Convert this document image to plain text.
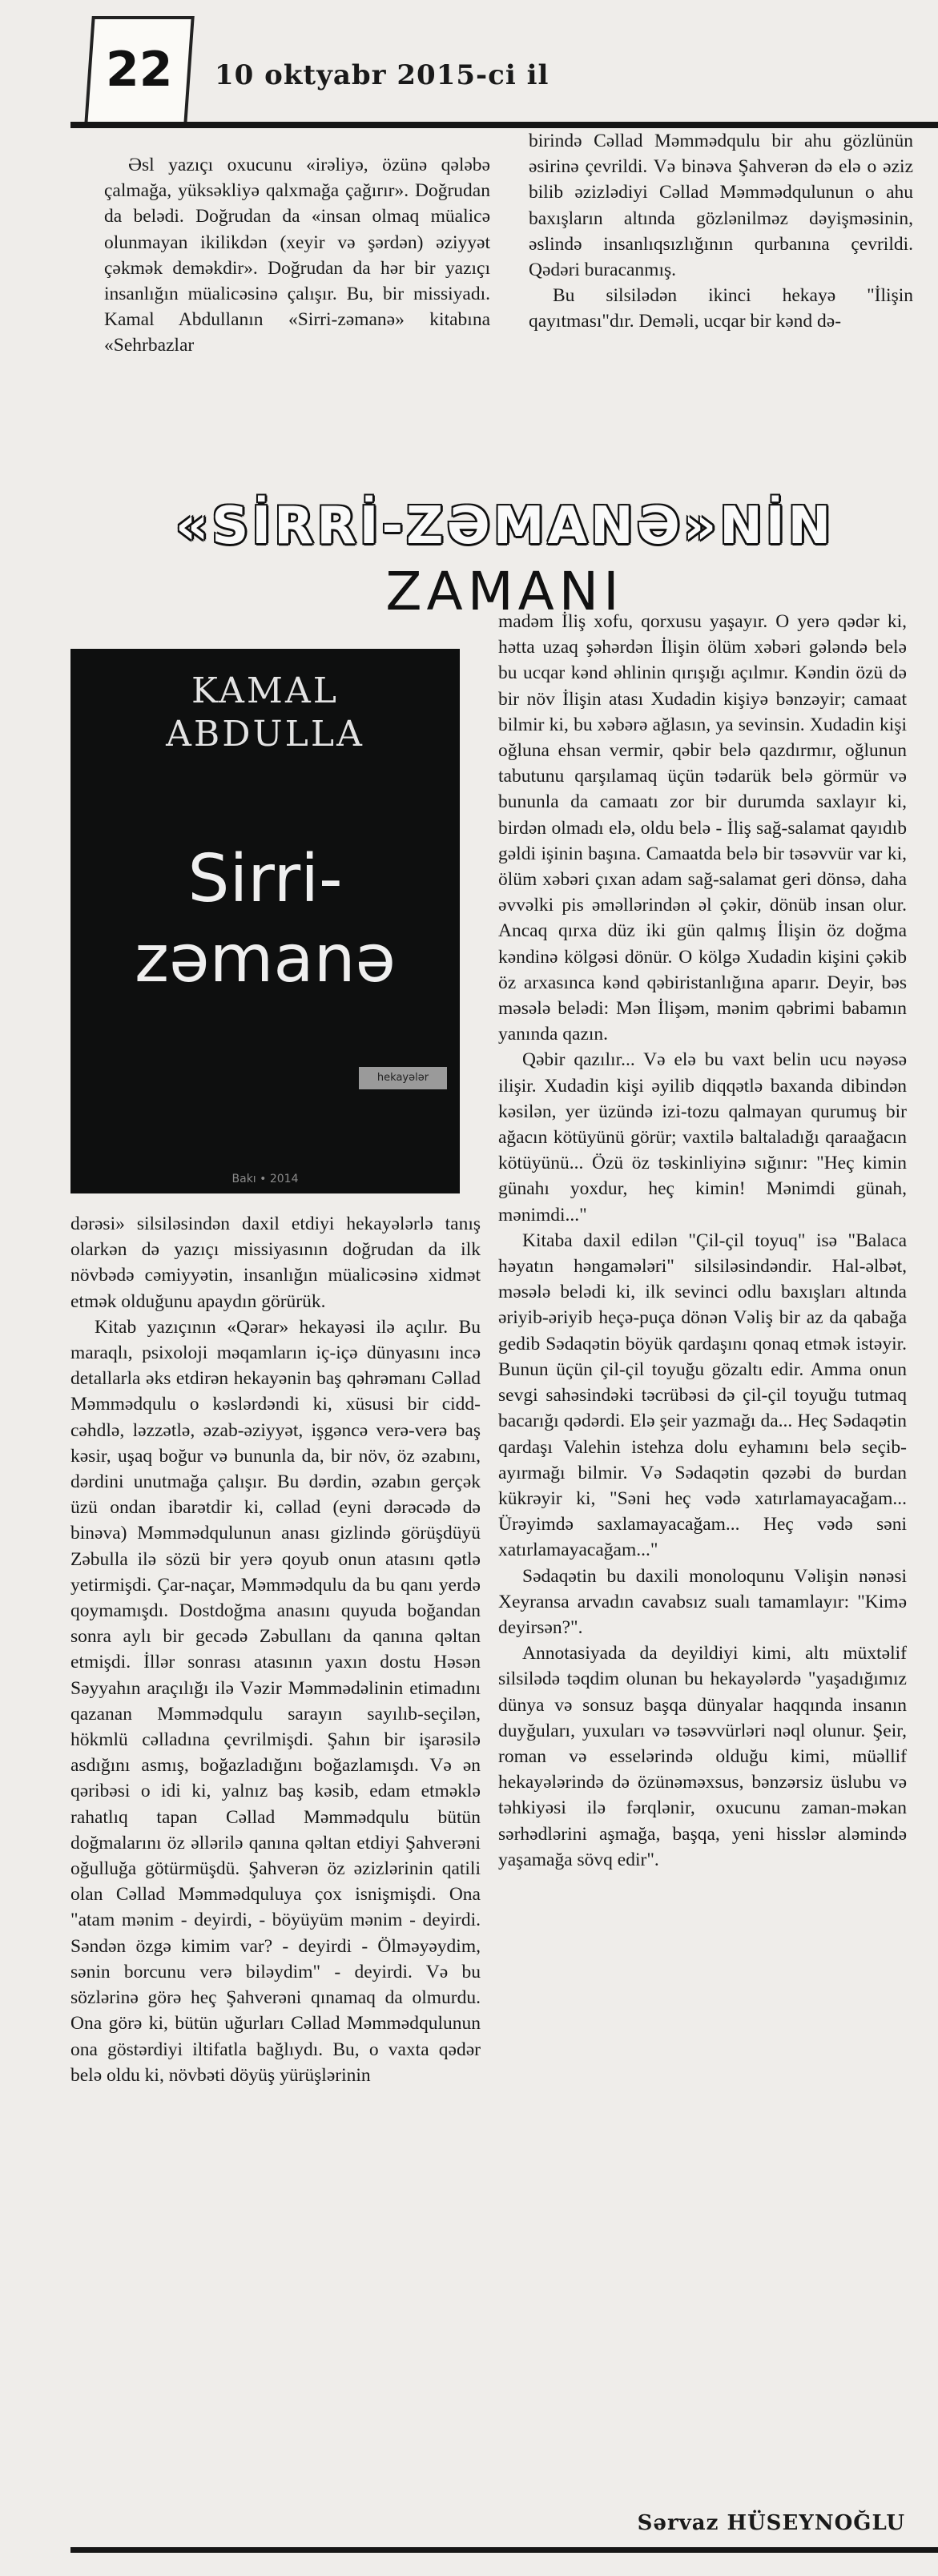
22 10 oktyabr 2015-ci il

Əsl yazıçı oxucunu «irəliyə, özünə qələbə çalmağa, yüksəkliyə qalxmağa çağırır». Doğrudan da belədi. Doğrudan da «insan olmaq müalicə olunmayan ikilikdən (xeyir və şərdən) əziyyət çəkmək deməkdir». Doğrudan da hər bir yazıçı insanlığın müalicəsinə çalışır. Bu, bir missiyadı. Kamal Abdullanın «Sirri-zəmanə» kitabına «Sehrbazlar

birində Cəllad Məmmədqulu bir ahu gözlünün əsirinə çevrildi. Və binəva Şahverən də elə o əziz bilib əzizlədiyi Cəllad Məmmədqulunun o ahu baxışların altında gözlənilməz dəyişməsinin, əslində insanlıqsızlığının qurbanına çevrildi. Qədəri buracanmış.

Bu silsilədən ikinci hekayə "İlişin qayıtması"dır. Deməli, ucqar bir kənd də-

«SİRRİ-ZƏMANƏ»NİN
ZAMANI
KAMAL
ABDULLA
Sirri-
zəmanə
hekayələr
Bakı • 2014

dərəsi» silsiləsindən daxil etdiyi hekayələrlə tanış olarkən də yazıçı missiyasının doğrudan da ilk növbədə cəmiyyətin, insanlığın müalicəsinə xidmət etmək olduğunu apaydın görürük.

Kitab yazıçının «Qərar» hekayəsi ilə açılır. Bu maraqlı, psixoloji məqamların iç-içə dünyasını incə detallarla əks etdirən hekayənin baş qəhrəmanı Cəllad Məmmədqulu o kəslərdəndi ki, xüsusi bir cidd-cəhdlə, ləzzətlə, əzab-əziyyət, işgəncə verə-verə baş kəsir, uşaq boğur və bununla da, bir növ, öz əzabını, dərdini unutmağa çalışır. Bu dərdin, əzabın gerçək üzü ondan ibarətdir ki, cəllad (eyni dərəcədə də binəva) Məmmədqulunun anası gizlində görüşdüyü Zəbulla ilə sözü bir yerə qoyub onun atasını qətlə yetirmişdi. Çar-naçar, Məmmədqulu da bu qanı yerdə qoymamışdı. Dostdoğma anasını quyuda boğandan sonra aylı bir gecədə Zəbullanı da qanına qəltan etmişdi. İllər sonrası atasının yaxın dostu Həsən Səyyahın araçılığı ilə Vəzir Məmmədəlinin etimadını qazanan Məmmədqulu sarayın sayılıb-seçilən, hökmlü cəlladına çevrilmişdi. Şahın bir işarəsilə asdığını asmış, boğazladığını boğazlamışdı. Və ən qəribəsi o idi ki, yalnız baş kəsib, edam etməklə rahatlıq tapan Cəllad Məmmədqulu bütün doğmalarını öz əllərilə qanına qəltan etdiyi Şahverəni oğulluğa götürmüşdü. Şahverən öz əzizlərinin qatili olan Cəllad Məmmədquluya çox isnişmişdi. Ona "atam mənim - deyirdi, - böyüyüm mənim - deyirdi. Səndən özgə kimim var? - deyirdi - Ölməyəydim, sənin borcunu verə biləydim" - deyirdi. Və bu sözlərinə görə heç Şahverəni qınamaq da olmurdu. Ona görə ki, bütün uğurları Cəllad Məmmədqulunun ona göstərdiyi iltifatla bağlıydı. Bu, o vaxta qədər belə oldu ki, növbəti döyüş yürüşlərinin

madəm İliş xofu, qorxusu yaşayır. O yerə qədər ki, hətta uzaq şəhərdən İlişin ölüm xəbəri gələndə belə bu ucqar kənd əhlinin qırışığı açılmır. Kəndin özü də bir növ İlişin atası Xudadin kişiyə bənzəyir; camaat bilmir ki, bu xəbərə ağlasın, ya sevinsin. Xudadin kişi oğluna ehsan vermir, qəbir belə qazdırmır, oğlunun tabutunu qarşılamaq üçün tədarük belə görmür və bununla da camaatı zor bir durumda saxlayır ki, birdən olmadı elə, oldu belə - İliş sağ-salamat qayıdıb gəldi işinin başına. Camaatda belə bir təsəvvür var ki, ölüm xəbəri çıxan adam sağ-salamat geri dönsə, daha əvvəlki pis əməllərindən əl çəkir, dönüb insan olur. Ancaq qırxa düz iki gün qalmış İlişin öz doğma kəndinə kölgəsi dönür. O kölgə Xudadin kişini çəkib öz arxasınca kənd qəbiristanlığına aparır. Deyir, bəs məsələ belədi: Mən İlişəm, mənim qəbrimi babamın yanında qazın.

Qəbir qazılır... Və elə bu vaxt belin ucu nəyəsə ilişir. Xudadin kişi əyilib diqqətlə baxanda dibindən kəsilən, yer üzündə izi-tozu qalmayan qurumuş bir ağacın kötüyünü görür; vaxtilə baltaladığı qaraağacın kötüyünü... Özü öz təskinliyinə sığınır: "Heç kimin günahı yoxdur, heç kimin! Mənimdi günah, mənimdi..."

Kitaba daxil edilən "Çil-çil toyuq" isə "Balaca həyatın həngamələri" silsiləsindəndir. Hal-əlbət, məsələ belədi ki, ilk sevinci odlu baxışları altında əriyib-əriyib heçə-puça dönən Vəliş bir az da qabağa gedib Sədaqətin böyük qardaşını qonaq etmək istəyir. Bunun üçün çil-çil toyuğu gözaltı edir. Amma onun sevgi sahəsindəki təcrübəsi də çil-çil toyuğu tutmaq bacarığı qədərdi. Elə şeir yazmağı da... Heç Sədaqətin qardaşı Valehin istehza dolu eyhamını belə seçib-ayırmağı bilmir. Və Sədaqətin qəzəbi də burdan kükrəyir ki, "Səni heç vədə xatırlamayacağam... Ürəyimdə saxlamayacağam... Heç vədə səni xatırlamayacağam..."

Sədaqətin bu daxili monoloqunu Vəlişin nənəsi Xeyransa arvadın cavabsız sualı tamamlayır: "Kimə deyirsən?".

Annotasiyada da deyildiyi kimi, altı müxtəlif silsilədə təqdim olunan bu hekayələrdə "yaşadığımız dünya və sonsuz başqa dünyalar haqqında insanın duyğuları, yuxuları və təsəvvürləri nəql olunur. Şeir, roman və esselərində olduğu kimi, müəllif hekayələrində də özünəməxsus, bənzərsiz üslubu və təhkiyəsi ilə fərqlənir, oxucunu zaman-məkan sərhədlərini aşmağa, başqa, yeni hisslər aləmində yaşamağa sövq edir".

Sərvaz HÜSEYNOĞLU
